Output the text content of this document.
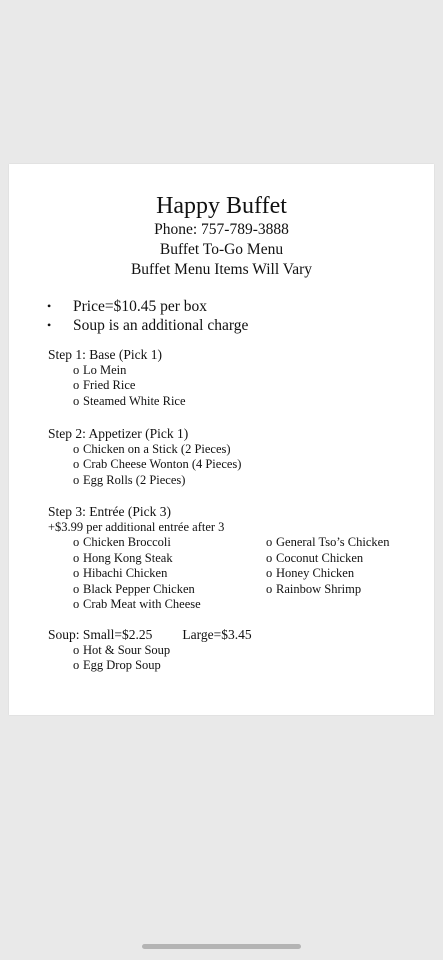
Happy Buffet
Phone: 757-789-3888
Buffet To-Go Menu
Buffet Menu Items Will Vary
• Price=$10.45 per box
• Soup is an additional charge
Step 1: Base (Pick 1)
o Lo Mein
o Fried Rice
o Steamed White Rice
Step 2: Appetizer (Pick 1)
o Chicken on a Stick (2 Pieces)
o Crab Cheese Wonton (4 Pieces)
o Egg Rolls (2 Pieces)
Step 3: Entrée (Pick 3)
+$3.99 per additional entrée after 3
o Chicken Broccoli
o Hong Kong Steak
o Hibachi Chicken
o Black Pepper Chicken
o Crab Meat with Cheese
o General Tso’s Chicken
o Coconut Chicken
o Honey Chicken
o Rainbow Shrimp
Soup: Small=$2.25 Large=$3.45
o Hot & Sour Soup
o Egg Drop Soup
